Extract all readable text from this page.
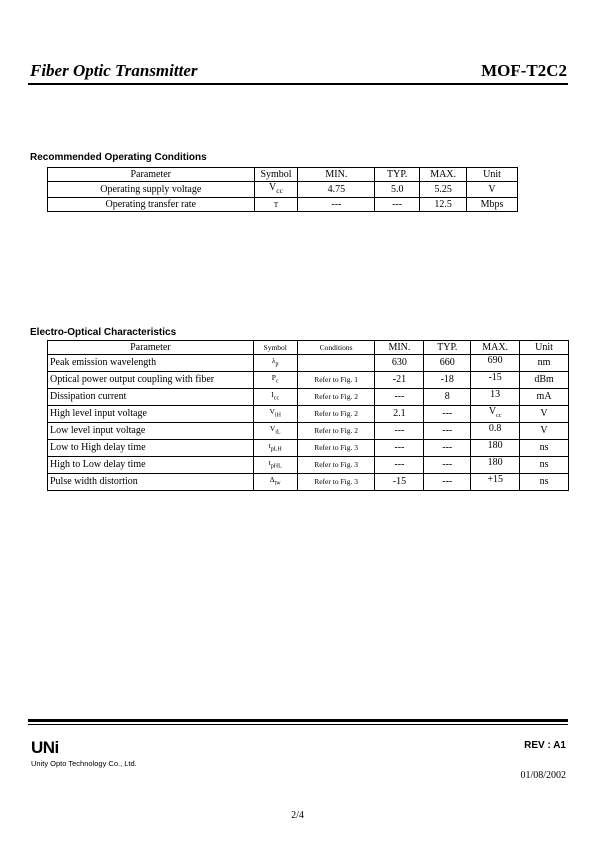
Fiber Optic Transmitter	MOF-T2C2
Recommended Operating Conditions
Parameter	Symbol	MIN.	TYP.	MAX.	Unit
Operating supply voltage	$V_{cc}$	4.75	5.0	5.25	V
Operating transfer rate	T	---	---	12.5	Mbps
Electro-Optical Characteristics
Parameter	Symbol	Conditions	MIN.	TYP.	MAX.	Unit
Peak emission wavelength	$\lambda_p$		630	660	690	nm
Optical power output coupling with fiber	$P_c$	Refer to Fig. 1	-21	-18	-15	dBm
Dissipation current	$I_{cc}$	Refer to Fig. 2	---	8	13	mA
High level input voltage	$V_{iH}$	Refer to Fig. 2	2.1	---	$V_{cc}$	V
Low level input voltage	$V_{iL}$	Refer to Fig. 2	---	---	0.8	V
Low to High delay time	$t_{pLH}$	Refer to Fig. 3	---	---	180	ns
High to Low delay time	$t_{pHL}$	Refer to Fig. 3	---	---	180	ns
Pulse width distortion	$\Delta_{tw}$	Refer to Fig. 3	-15	---	+15	ns
UNi
Unity Opto Technology Co., Ltd.
REV : A1
01/08/2002
2/4
